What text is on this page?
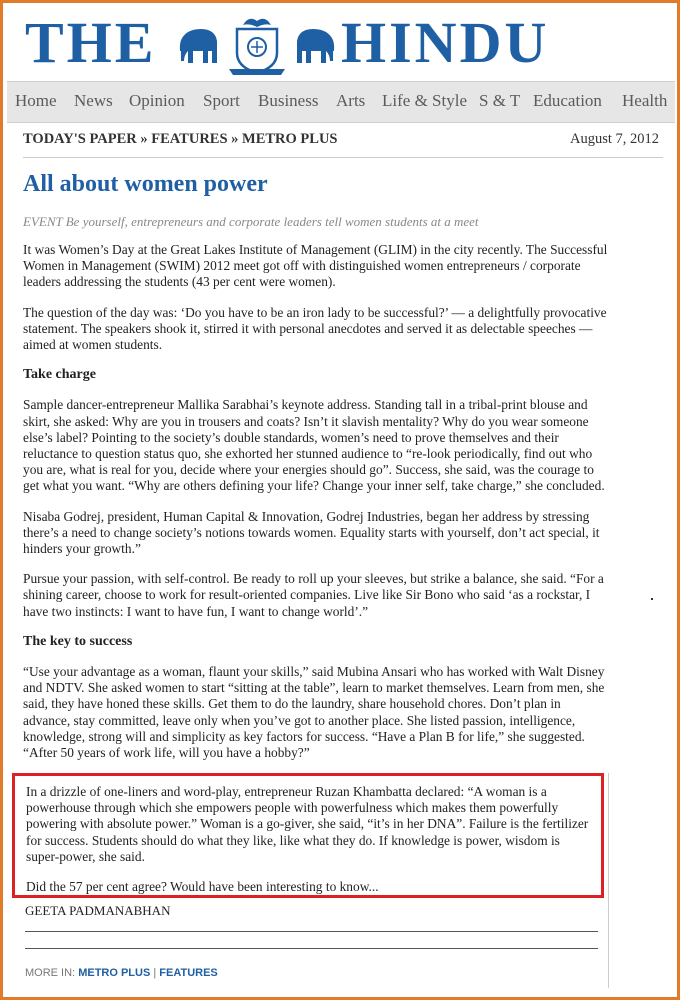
THE	HINDU
Home News Opinion Sport Business Arts Life & Style S & T Education Health
TODAY'S PAPER » FEATURES » METRO PLUS	August 7, 2012
All about women power
EVENT Be yourself, entrepreneurs and corporate leaders tell women students at a meet

It was Women’s Day at the Great Lakes Institute of Management (GLIM) in the city recently. The Successful Women in Management (SWIM) 2012 meet got off with distinguished women entrepreneurs / corporate leaders addressing the students (43 per cent were women).

The question of the day was: ‘Do you have to be an iron lady to be successful?’ — a delightfully provocative statement. The speakers shook it, stirred it with personal anecdotes and served it as delectable speeches — aimed at women students.

Take charge

Sample dancer-entrepreneur Mallika Sarabhai’s keynote address. Standing tall in a tribal-print blouse and skirt, she asked: Why are you in trousers and coats? Isn’t it slavish mentality? Why do you wear someone else’s label? Pointing to the society’s double standards, women’s need to prove themselves and their reluctance to question status quo, she exhorted her stunned audience to “re-look periodically, find out who you are, what is real for you, decide where your energies should go”. Success, she said, was the courage to get what you want. “Why are others defining your life? Change your inner self, take charge,” she concluded.

Nisaba Godrej, president, Human Capital & Innovation, Godrej Industries, began her address by stressing there’s a need to change society’s notions towards women. Equality starts with yourself, don’t act special, it hinders your growth.”

Pursue your passion, with self-control. Be ready to roll up your sleeves, but strike a balance, she said. “For a shining career, choose to work for result-oriented companies. Live like Sir Bono who said ‘as a rockstar, I have two instincts: I want to have fun, I want to change world’.”

The key to success

“Use your advantage as a woman, flaunt your skills,” said Mubina Ansari who has worked with Walt Disney and NDTV. She asked women to start “sitting at the table”, learn to market themselves. Learn from men, she said, they have honed these skills. Get them to do the laundry, share household chores. Don’t plan in advance, stay committed, leave only when you’ve got to another place. She listed passion, intelligence, knowledge, strong will and simplicity as key factors for success. “Have a Plan B for life,” she suggested. “After 50 years of work life, will you have a hobby?”

In a drizzle of one-liners and word-play, entrepreneur Ruzan Khambatta declared: “A woman is a powerhouse through which she empowers people with powerfulness which makes them powerfully powering with absolute power.” Woman is a go-giver, she said, “it’s in her DNA”. Failure is the fertilizer for success. Students should do what they like, like what they do. If knowledge is power, wisdom is super-power, she said.

Did the 57 per cent agree? Would have been interesting to know...

GEETA PADMANABHAN
MORE IN: METRO PLUS | FEATURES
